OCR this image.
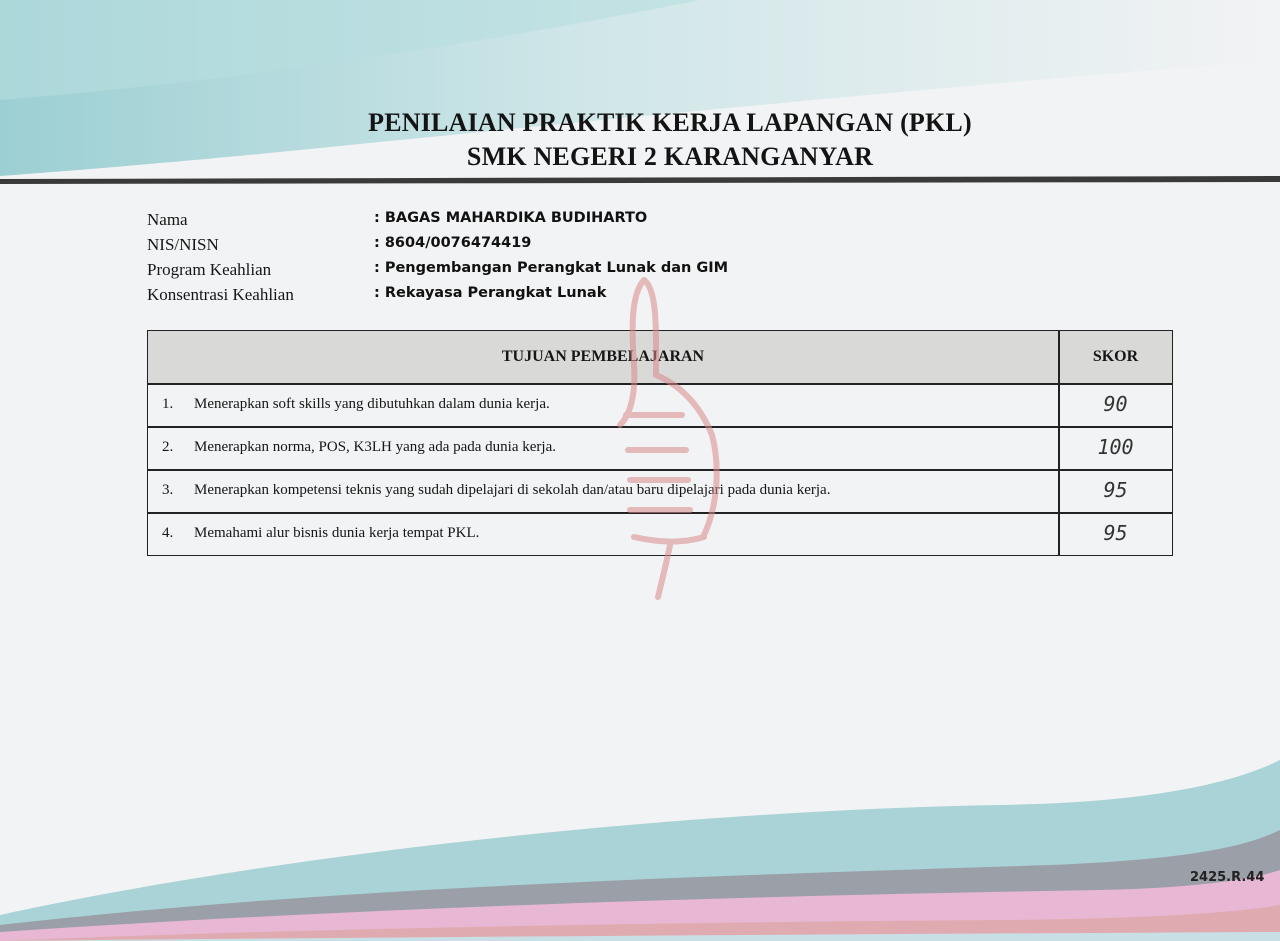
PENILAIAN PRAKTIK KERJA LAPANGAN (PKL)
SMK NEGERI 2 KARANGANYAR
Nama	: BAGAS MAHARDIKA BUDIHARTO
NIS/NISN	: 8604/0076474419
Program Keahlian	: Pengembangan Perangkat Lunak dan GIM
Konsentrasi Keahlian	: Rekayasa Perangkat Lunak
TUJUAN PEMBELAJARAN	SKOR
1. Menerapkan soft skills yang dibutuhkan dalam dunia kerja.	90
2. Menerapkan norma, POS, K3LH yang ada pada dunia kerja.	100
3. Menerapkan kompetensi teknis yang sudah dipelajari di sekolah dan/atau baru dipelajari pada dunia kerja.	95
4. Memahami alur bisnis dunia kerja tempat PKL.	95
2425.R.44
